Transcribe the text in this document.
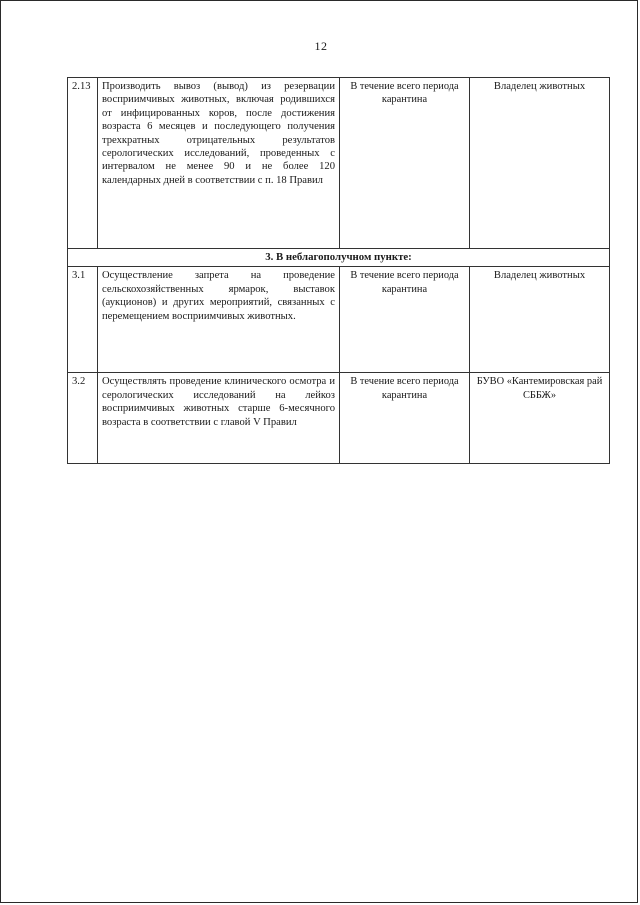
12
2.13	Производить вывоз (вывод) из резервации восприимчивых животных, включая родившихся от инфицированных коров, после достижения возраста 6 месяцев и последующего получения трехкратных отрицательных результатов серологических исследований, проведенных с интервалом не менее 90 и не более 120 календарных дней в соответствии с п. 18 Правил	В течение всего периода карантина	Владелец животных
3. В неблагополучном пункте:			
3.1	Осуществление запрета на проведение сельскохозяйственных ярмарок, выставок (аукционов) и других мероприятий, связанных с перемещением восприимчивых животных.	В течение всего периода карантина	Владелец животных
3.2	Осуществлять проведение клинического осмотра и серологических исследований на лейкоз восприимчивых животных старше 6-месячного возраста в соответствии с главой V Правил	В течение всего периода карантина	БУВО «Кантемировская рай СББЖ»
